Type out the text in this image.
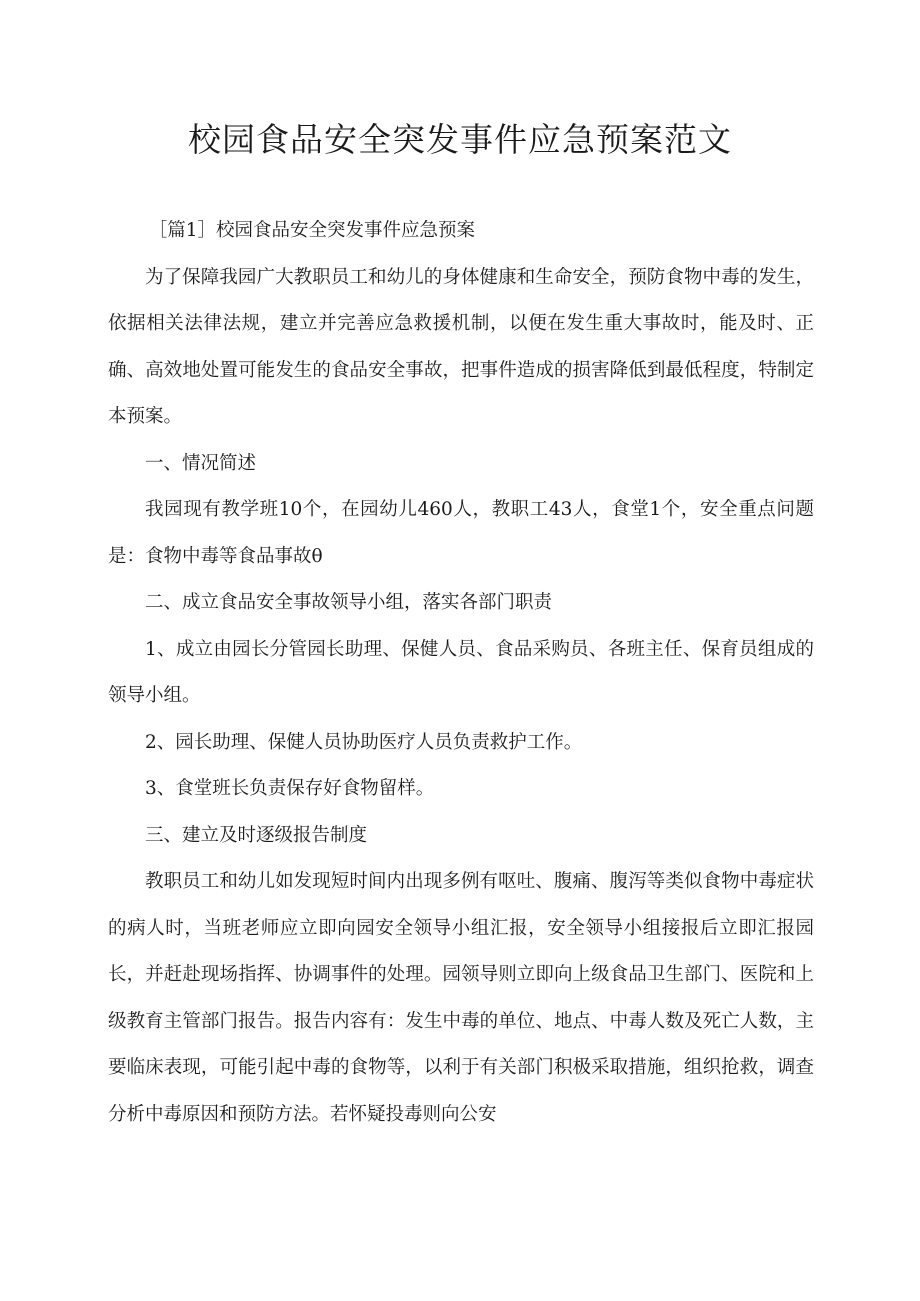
校园食品安全突发事件应急预案范文

［篇1］校园食品安全突发事件应急预案

为了保障我园广大教职员工和幼儿的身体健康和生命安全，预防食物中毒的发生，依据相关法律法规，建立并完善应急救援机制，以便在发生重大事故时，能及时、正确、高效地处置可能发生的食品安全事故，把事件造成的损害降低到最低程度，特制定本预案。

一、情况简述

我园现有教学班10个，在园幼儿460人，教职工43人，食堂1个，安全重点问题是：食物中毒等食品事故θ

二、成立食品安全事故领导小组，落实各部门职责

1、成立由园长分管园长助理、保健人员、食品采购员、各班主任、保育员组成的领导小组。

2、园长助理、保健人员协助医疗人员负责救护工作。

3、食堂班长负责保存好食物留样。

三、建立及时逐级报告制度

教职员工和幼儿如发现短时间内出现多例有呕吐、腹痛、腹泻等类似食物中毒症状的病人时，当班老师应立即向园安全领导小组汇报，安全领导小组接报后立即汇报园长，并赶赴现场指挥、协调事件的处理。园领导则立即向上级食品卫生部门、医院和上级教育主管部门报告。报告内容有：发生中毒的单位、地点、中毒人数及死亡人数，主要临床表现，可能引起中毒的食物等，以利于有关部门积极采取措施，组织抢救，调查分析中毒原因和预防方法。若怀疑投毒则向公安
